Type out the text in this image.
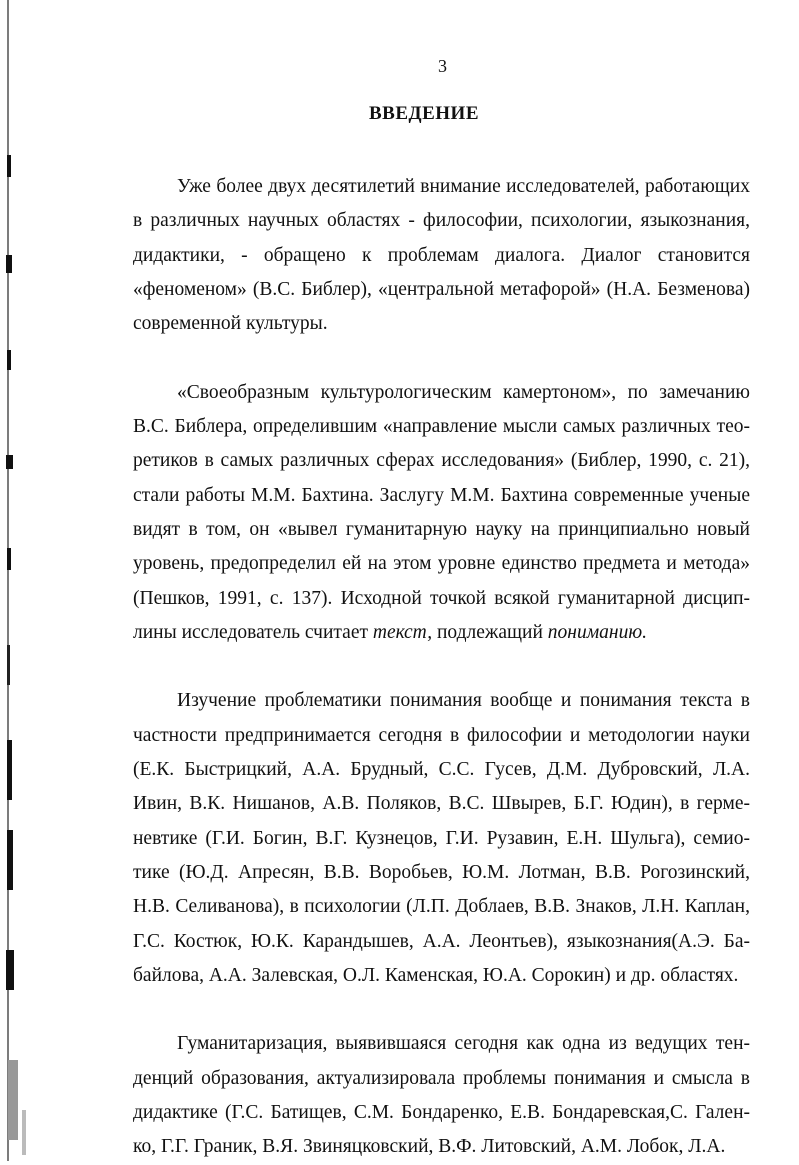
3
ВВЕДЕНИЕ
Уже более двух десятилетий внимание исследователей, работающих
в различных научных областях - философии, психологии, языкознания,
дидактики, - обращено к проблемам диалога. Диалог становится
«феноменом» (B.C. Библер), «центральной метафорой» (Н.А. Безменова)
современной культуры.
«Своеобразным культурологическим камертоном», по замечанию
B.C. Библера, определившим «направление мысли самых различных тео-
ретиков в самых различных сферах исследования» (Библер, 1990, с. 21),
стали работы М.М. Бахтина. Заслугу М.М. Бахтина современные ученые
видят в том, он «вывел гуманитарную науку на принципиально новый
уровень, предопределил ей на этом уровне единство предмета и метода»
(Пешков, 1991, с. 137). Исходной точкой всякой гуманитарной дисцип-
лины исследователь считает текст, подлежащий пониманию.
Изучение проблематики понимания вообще и понимания текста в
частности предпринимается сегодня в философии и методологии науки
(Е.К. Быстрицкий, А.А. Брудный, С.С. Гусев, Д.М. Дубровский, Л.А.
Ивин, В.К. Нишанов, А.В. Поляков, B.C. Швырев, Б.Г. Юдин), в герме-
невтике (Г.И. Богин, В.Г. Кузнецов, Г.И. Рузавин, Е.Н. Шульга), семио-
тике (Ю.Д. Апресян, В.В. Воробьев, Ю.М. Лотман, В.В. Рогозинский,
Н.В. Селиванова), в психологии (Л.П. Доблаев, В.В. Знаков, Л.Н. Каплан,
Г.С. Костюк, Ю.К. Карандышев, А.А. Леонтьев), языкознания(А.Э. Ба-
байлова, А.А. Залевская, О.Л. Каменская, Ю.А. Сорокин) и др. областях.
Гуманитаризация, выявившаяся сегодня как одна из ведущих тен-
денций образования, актуализировала проблемы понимания и смысла в
дидактике (Г.С. Батищев, С.М. Бондаренко, Е.В. Бондаревская,С. Гален-
ко, Г.Г. Граник, В.Я. Звиняцковский, В.Ф. Литовский, А.М. Лобок, Л.А.
